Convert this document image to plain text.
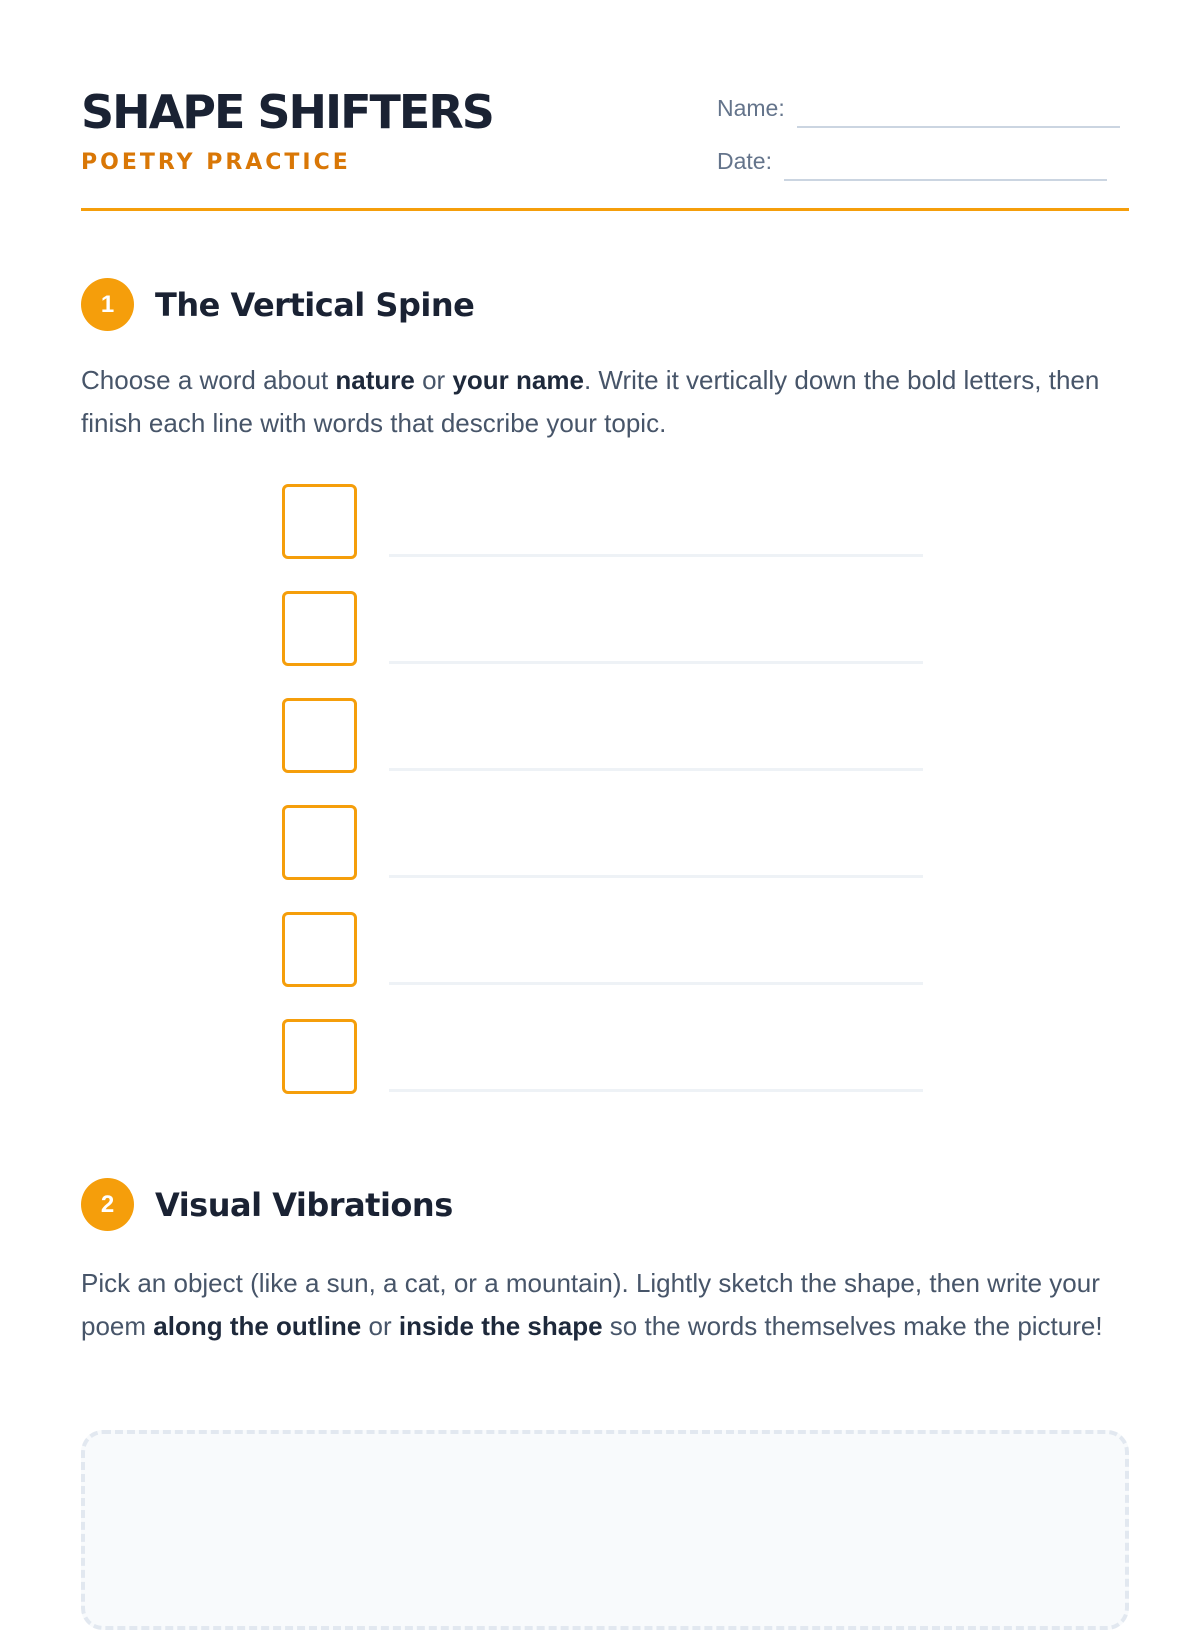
SHAPE SHIFTERS
POETRY PRACTICE
Name:
Date:
1	The Vertical Spine

Choose a word about nature or your name. Write it vertically down the bold letters, then finish each line with words that describe your topic.

2	Visual Vibrations

Pick an object (like a sun, a cat, or a mountain). Lightly sketch the shape, then write your poem along the outline or inside the shape so the words themselves make the picture!
